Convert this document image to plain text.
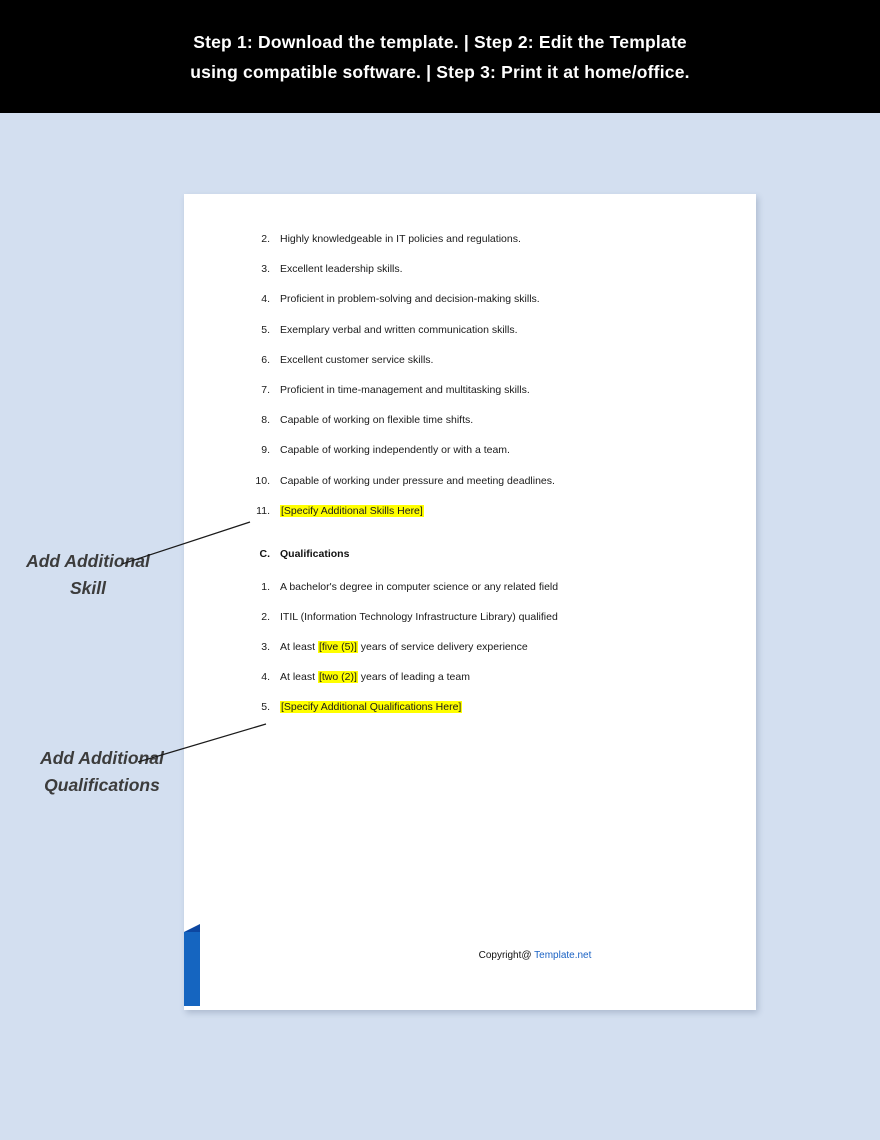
Step 1: Download the template. | Step 2: Edit the Template using compatible software. | Step 3: Print it at home/office.
2. Highly knowledgeable in IT policies and regulations.
3. Excellent leadership skills.
4. Proficient in problem-solving and decision-making skills.
5. Exemplary verbal and written communication skills.
6. Excellent customer service skills.
7. Proficient in time-management and multitasking skills.
8. Capable of working on flexible time shifts.
9. Capable of working independently or with a team.
10. Capable of working under pressure and meeting deadlines.
11. [Specify Additional Skills Here]
C. Qualifications
1. A bachelor's degree in computer science or any related field
2. ITIL (Information Technology Infrastructure Library) qualified
3. At least [five (5)] years of service delivery experience
4. At least [two (2)] years of leading a team
5. [Specify Additional Qualifications Here]
Copyright@ Template.net
Add Additional Skill
Add Additional Qualifications
